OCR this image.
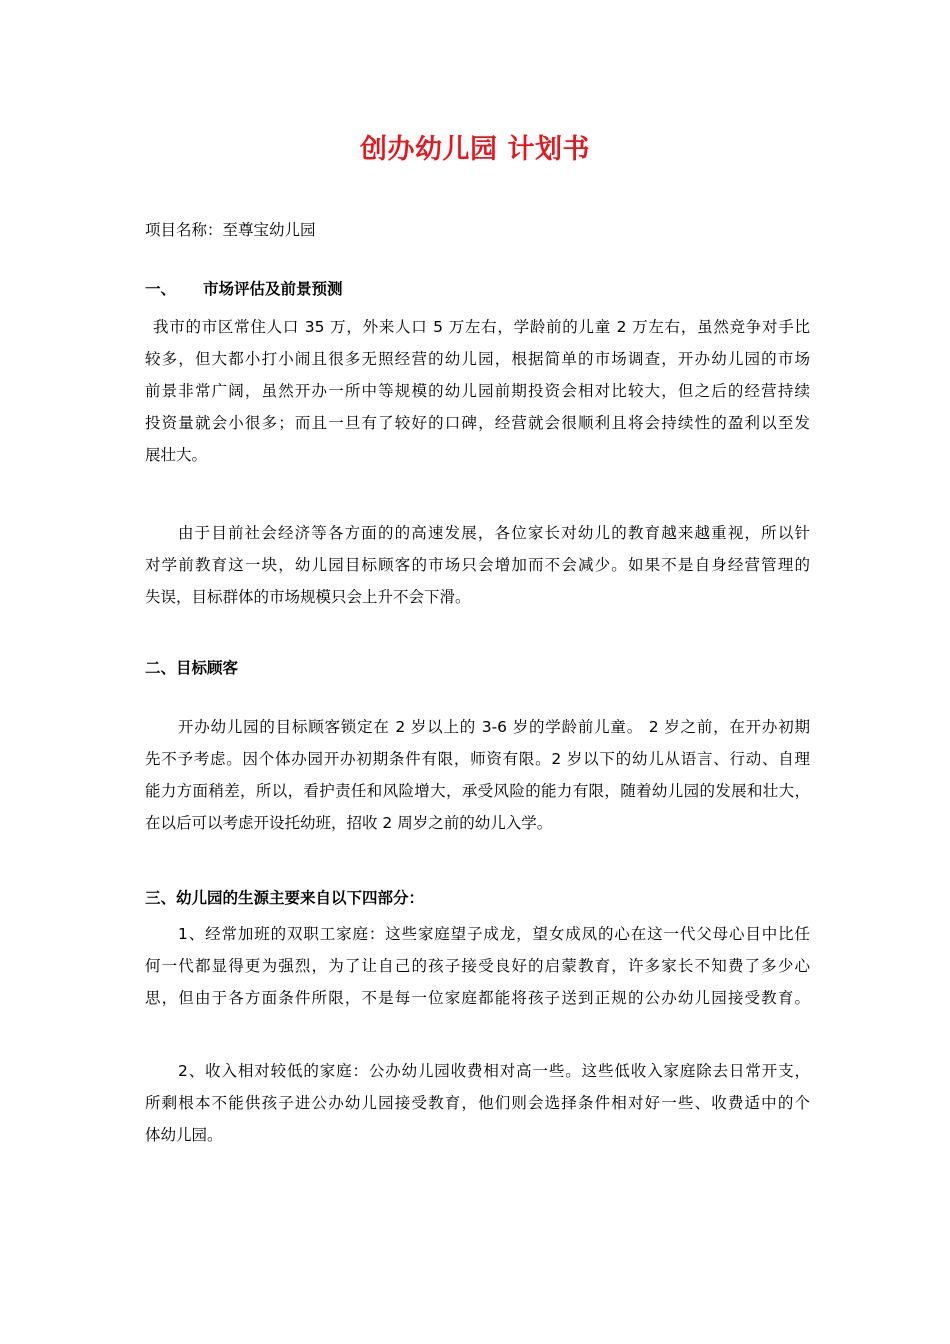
创办幼儿园 计划书
项目名称：至尊宝幼儿园
一、 市场评估及前景预测
我市的市区常住人口 35 万，外来人口 5 万左右，学龄前的儿童 2 万左右，虽然竞争对手比
较多，但大都小打小闹且很多无照经营的幼儿园，根据简单的市场调查，开办幼儿园的市场
前景非常广阔，虽然开办一所中等规模的幼儿园前期投资会相对比较大，但之后的经营持续
投资量就会小很多；而且一旦有了较好的口碑，经营就会很顺利且将会持续性的盈利以至发
展壮大。
由于目前社会经济等各方面的的高速发展，各位家长对幼儿的教育越来越重视，所以针
对学前教育这一块，幼儿园目标顾客的市场只会增加而不会减少。如果不是自身经营管理的
失误，目标群体的市场规模只会上升不会下滑。
二、目标顾客
开办幼儿园的目标顾客锁定在 2 岁以上的 3-6 岁的学龄前儿童。 2 岁之前，在开办初期
先不予考虑。因个体办园开办初期条件有限，师资有限。2 岁以下的幼儿从语言、行动、自理
能力方面稍差，所以，看护责任和风险增大，承受风险的能力有限，随着幼儿园的发展和壮大，
在以后可以考虑开设托幼班，招收 2 周岁之前的幼儿入学。
三、幼儿园的生源主要来自以下四部分：
1、经常加班的双职工家庭：这些家庭望子成龙，望女成凤的心在这一代父母心目中比任
何一代都显得更为强烈，为了让自己的孩子接受良好的启蒙教育，许多家长不知费了多少心
思，但由于各方面条件所限，不是每一位家庭都能将孩子送到正规的公办幼儿园接受教育。
2、收入相对较低的家庭：公办幼儿园收费相对高一些。这些低收入家庭除去日常开支，
所剩根本不能供孩子进公办幼儿园接受教育，他们则会选择条件相对好一些、收费适中的个
体幼儿园。
